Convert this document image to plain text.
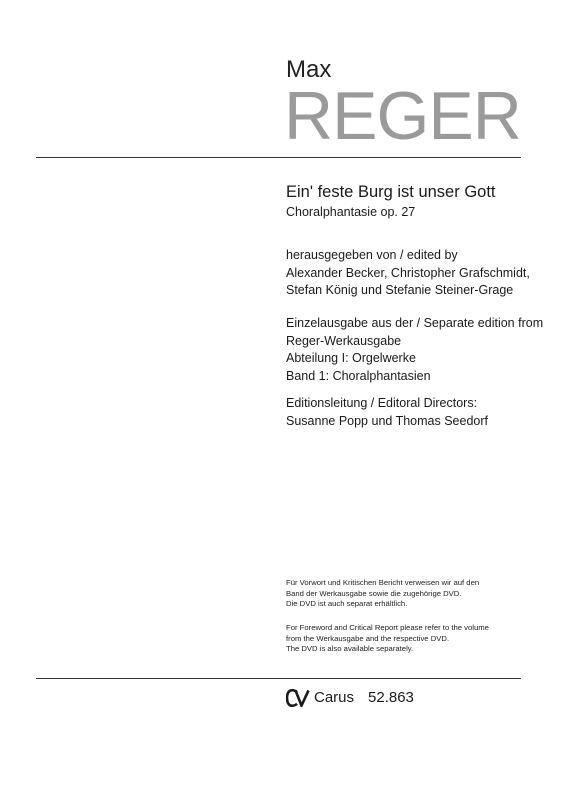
Max
REGER
Ein' feste Burg ist unser Gott
Choralphantasie op. 27
herausgegeben von / edited by
Alexander Becker, Christopher Grafschmidt,
Stefan König und Stefanie Steiner-Grage
Einzelausgabe aus der / Separate edition from
Reger-Werkausgabe
Abteilung I: Orgelwerke
Band 1: Choralphantasien
Editionsleitung / Editoral Directors:
Susanne Popp und Thomas Seedorf
Für Vorwort und Kritischen Bericht verweisen wir auf den
Band der Werkausgabe sowie die zugehörige DVD.
Die DVD ist auch separat erhältlich.
For Foreword and Critical Report please refer to the volume
from the Werkausgabe and the respective DVD.
The DVD is also available separately.
Carus 52.863
